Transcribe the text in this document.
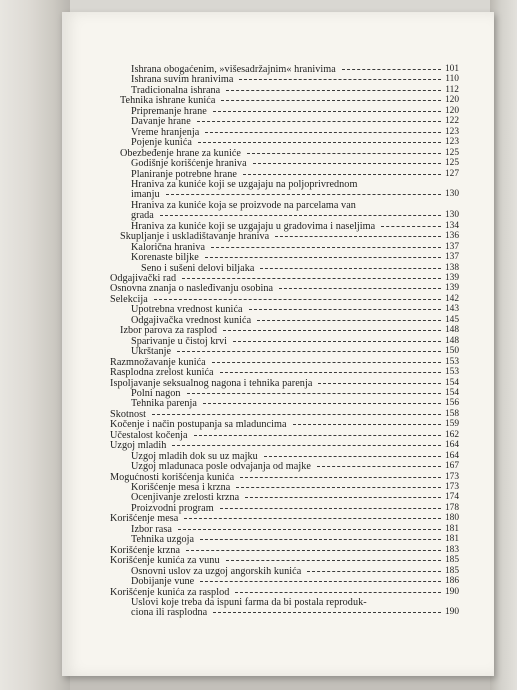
Ishrana obogaćenim, »višesadržajnim« hranivima	101
Ishrana suvim hranivima	110
Tradicionalna ishrana	112
Tehnika ishrane kunića	120
Pripremanje hrane	120
Davanje hrane	122
Vreme hranjenja	123
Pojenje kunića	123
Obezbeđenje hrane za kuniće	125
Godišnje korišćenje hraniva	125
Planiranje potrebne hrane	127
Hraniva za kuniće koji se uzgajaju na poljoprivrednom
imanju	130
Hraniva za kuniće koja se proizvode na parcelama van
grada	130
Hraniva za kuniće koji se uzgajaju u gradovima i naseljima	134
Skupljanje i uskladištavanje hraniva	136
Kalorična hraniva	137
Korenaste biljke	137
Seno i sušeni delovi biljaka	138
Odgajivački rad	139
Osnovna znanja o nasleđivanju osobina	139
Selekcija	142
Upotrebna vrednost kunića	143
Odgajivačka vrednost kunića	145
Izbor parova za rasplod	148
Sparivanje u čistoj krvi	148
Ukrštanje	150
Razmnožavanje kunića	153
Rasplodna zrelost kunića	153
Ispoljavanje seksualnog nagona i tehnika parenja	154
Polni nagon	154
Tehnika parenja	156
Skotnost	158
Kočenje i način postupanja sa mladuncima	159
Učestalost kočenja	162
Uzgoj mladih	164
Uzgoj mladih dok su uz majku	164
Uzgoj mladunaca posle odvajanja od majke	167
Mogućnosti korišćenja kunića	173
Korišćenje mesa i krzna	173
Ocenjivanje zrelosti krzna	174
Proizvodni program	178
Korišćenje mesa	180
Izbor rasa	181
Tehnika uzgoja	181
Korišćenje krzna	183
Korišćenje kunića za vunu	185
Osnovni uslov za uzgoj angorskih kunića	185
Dobijanje vune	186
Korišćenje kunića za rasplod	190
Uslovi koje treba da ispuni farma da bi postala reproduk-
ciona ili rasplodna	190
